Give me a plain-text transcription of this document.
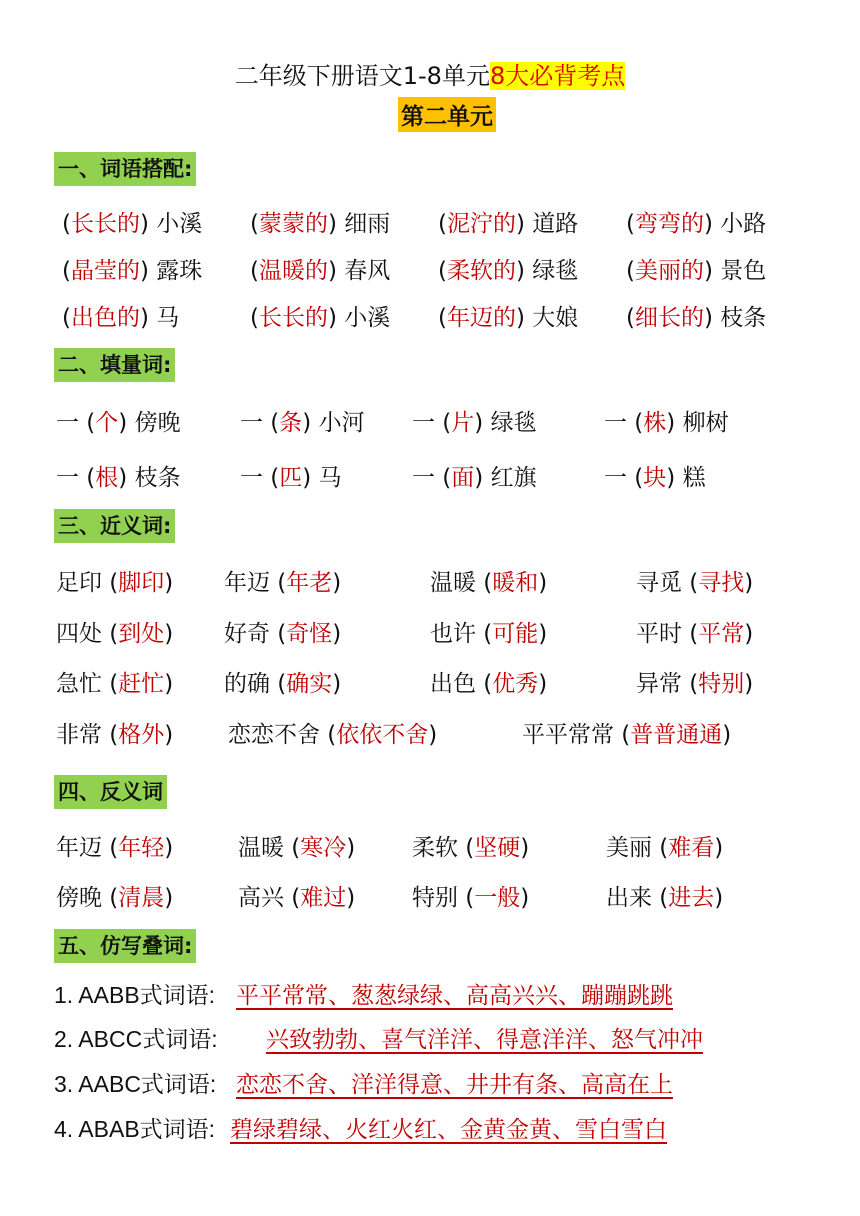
二年级下册语文1-8单元8大必背考点
第二单元
一、词语搭配:
(长长的) 小溪 (蒙蒙的) 细雨 (泥泞的) 道路 (弯弯的) 小路
(晶莹的) 露珠 (温暖的) 春风 (柔软的) 绿毯 (美丽的) 景色
(出色的) 马	(长长的) 小溪 (年迈的) 大娘 (细长的) 枝条
二、填量词:
一 (个) 傍晚	一 (条) 小河 一 (片) 绿毯	一 (株) 柳树
一 (根) 枝条	一 (匹) 马	一 (面) 红旗	一 (块) 糕
三、近义词:
足印 (脚印) 年迈 (年老)	温暖 (暖和)	寻觅 (寻找)
四处 (到处) 好奇 (奇怪)	也许 (可能)	平时 (平常)
急忙 (赶忙) 的确 (确实)	出色 (优秀)	异常 (特别)
非常 (格外) 恋恋不舍 (依依不舍)	平平常常 (普普通通)
四、反义词
年迈 (年轻)	温暖 (寒冷) 柔软 (坚硬)	美丽 (难看)
傍晚 (清晨)	高兴 (难过) 特别 (一般)	出来 (进去)
五、仿写叠词:
1. AABB式词语: 平平常常、葱葱绿绿、高高兴兴、蹦蹦跳跳
2. ABCC式词语: 兴致勃勃、喜气洋洋、得意洋洋、怒气冲冲
3. AABC式词语: 恋恋不舍、洋洋得意、井井有条、高高在上
4. ABAB式词语: 碧绿碧绿、火红火红、金黄金黄、雪白雪白
